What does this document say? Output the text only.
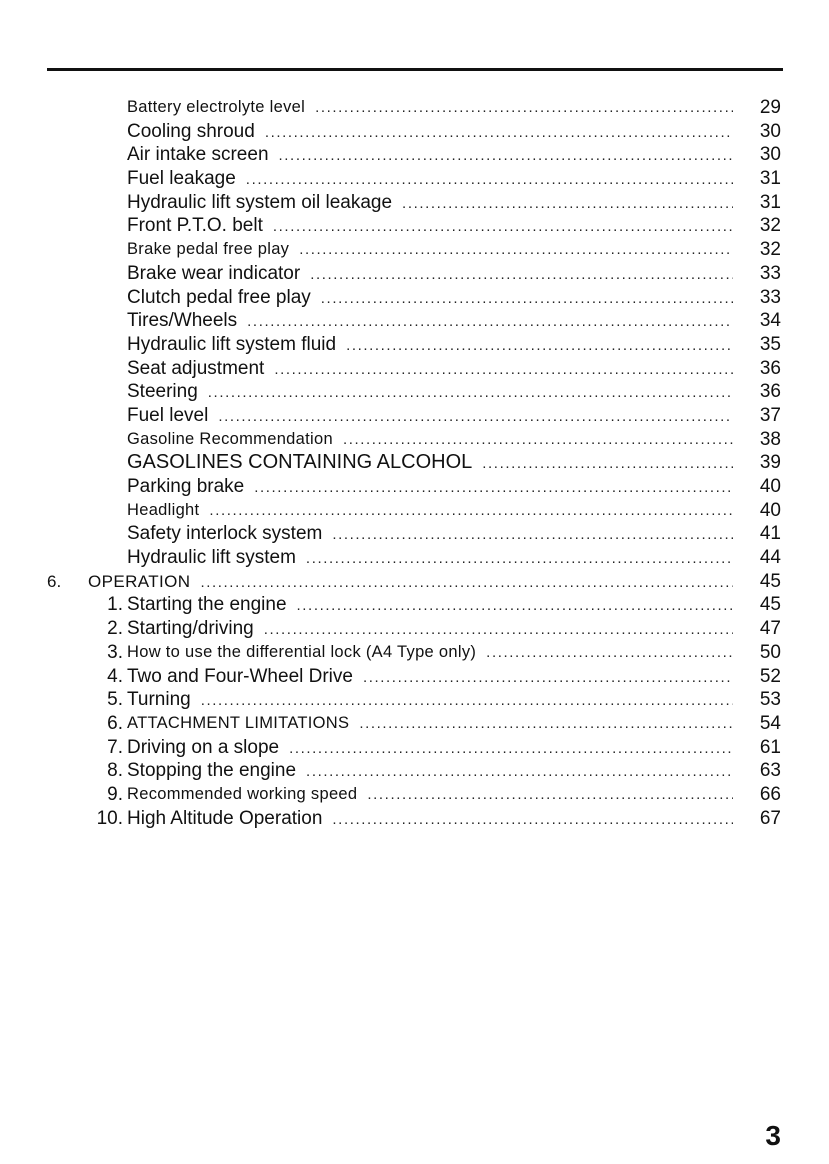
Battery electrolyte level .....	29
Cooling shroud .....	30
Air intake screen .....	30
Fuel leakage .....	31
Hydraulic lift system oil leakage .....	31
Front P.T.O. belt .....	32
Brake pedal free play .....	32
Brake wear indicator .....	33
Clutch pedal free play .....	33
Tires/Wheels .....	34
Hydraulic lift system fluid .....	35
Seat adjustment .....	36
Steering .....	36
Fuel level .....	37
Gasoline Recommendation .....	38
GASOLINES CONTAINING ALCOHOL .....	39
Parking brake .....	40
Headlight .....	40
Safety interlock system .....	41
Hydraulic lift system .....	44
6. OPERATION .....	45
1. Starting the engine .....	45
2. Starting/driving .....	47
3. How to use the differential lock (A4 Type only) .....	50
4. Two and Four-Wheel Drive .....	52
5. Turning .....	53
6. ATTACHMENT LIMITATIONS .....	54
7. Driving on a slope .....	61
8. Stopping the engine .....	63
9. Recommended working speed .....	66
10. High Altitude Operation .....	67
3
